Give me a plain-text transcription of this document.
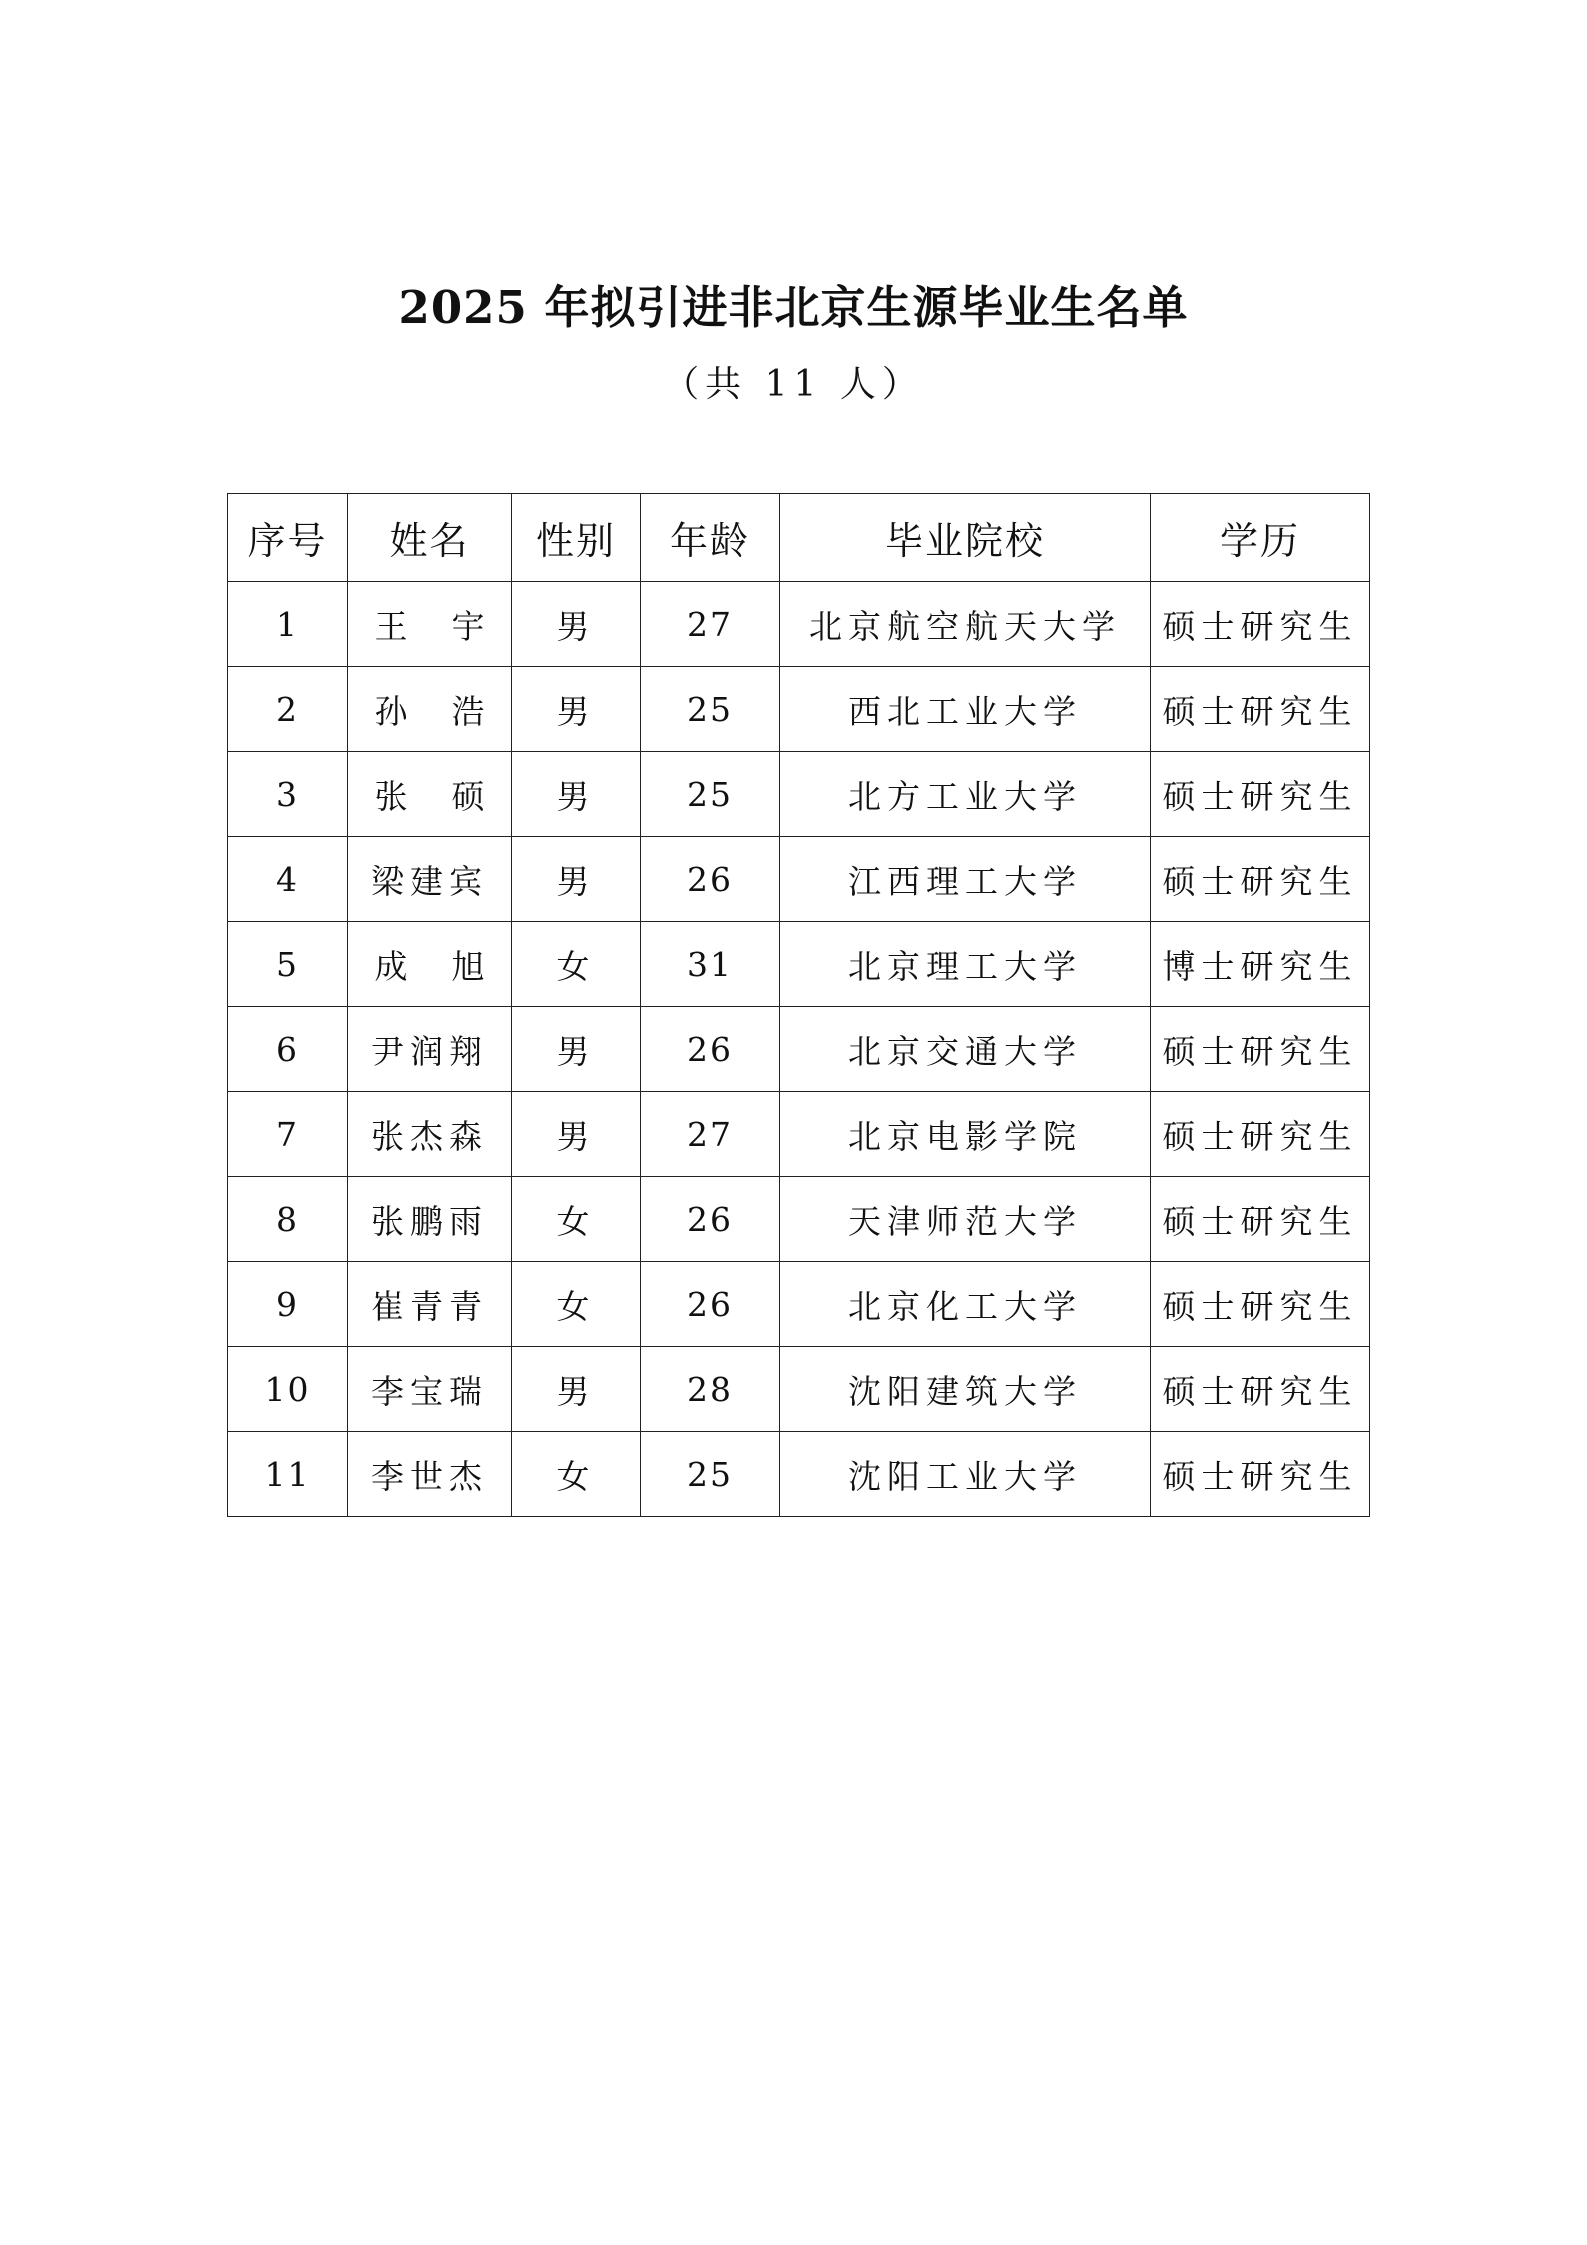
2025 年拟引进非北京生源毕业生名单
（共 11 人）
序号	姓名	性别	年龄	毕业院校	学历
1	王 宇	男	27	北京航空航天大学	硕士研究生
2	孙 浩	男	25	西北工业大学	硕士研究生
3	张 硕	男	25	北方工业大学	硕士研究生
4	梁建宾	男	26	江西理工大学	硕士研究生
5	成 旭	女	31	北京理工大学	博士研究生
6	尹润翔	男	26	北京交通大学	硕士研究生
7	张杰森	男	27	北京电影学院	硕士研究生
8	张鹏雨	女	26	天津师范大学	硕士研究生
9	崔青青	女	26	北京化工大学	硕士研究生
10	李宝瑞	男	28	沈阳建筑大学	硕士研究生
11	李世杰	女	25	沈阳工业大学	硕士研究生
